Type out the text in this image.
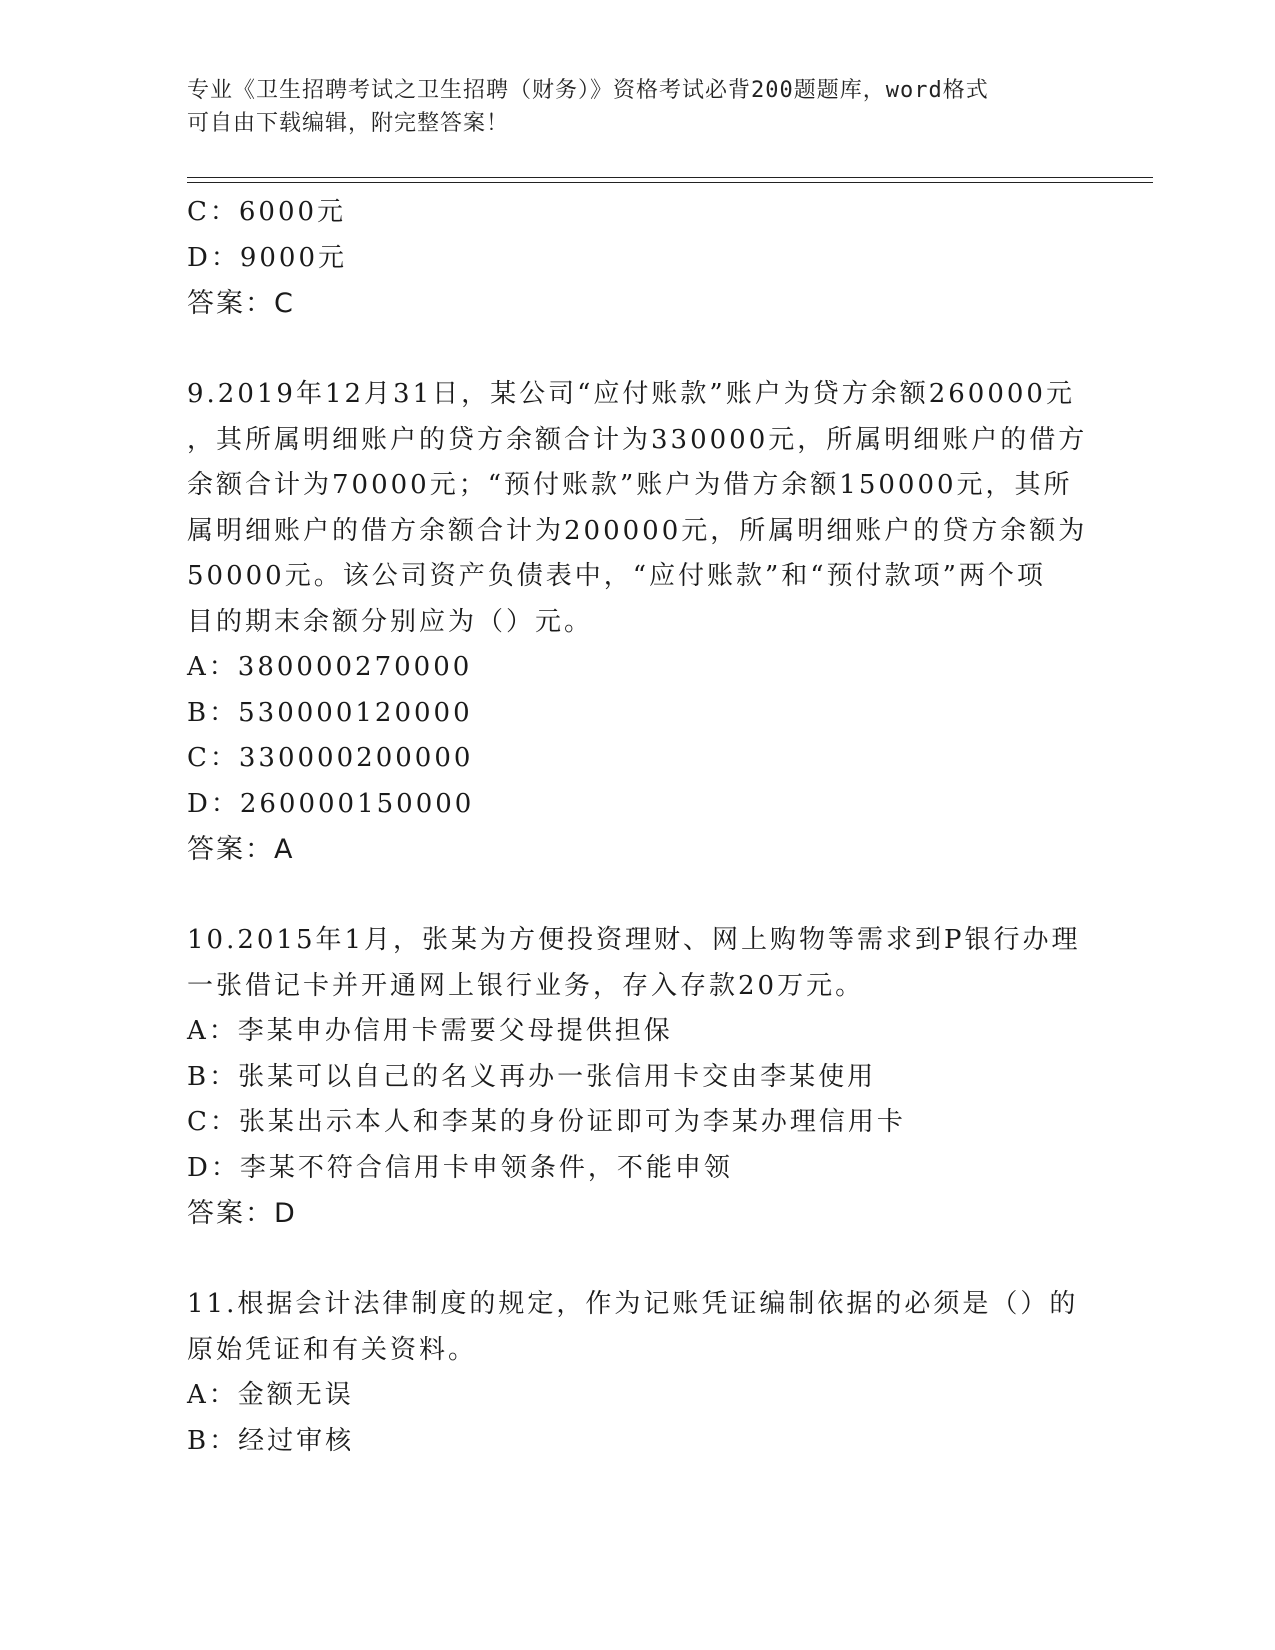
专业《卫生招聘考试之卫生招聘（财务）》资格考试必背200题题库，word格式
可自由下载编辑，附完整答案！
C：6000元
D：9000元
答案：C
9.2019年12月31日，某公司“应付账款”账户为贷方余额260000元
，其所属明细账户的贷方余额合计为330000元，所属明细账户的借方
余额合计为70000元；“预付账款”账户为借方余额150000元，其所
属明细账户的借方余额合计为200000元，所属明细账户的贷方余额为
50000元。该公司资产负债表中，“应付账款”和“预付款项”两个项
目的期末余额分别应为（）元。
A：380000270000
B：530000120000
C：330000200000
D：260000150000
答案：A
10.2015年1月，张某为方便投资理财、网上购物等需求到P银行办理
一张借记卡并开通网上银行业务，存入存款20万元。
A：李某申办信用卡需要父母提供担保
B：张某可以自己的名义再办一张信用卡交由李某使用
C：张某出示本人和李某的身份证即可为李某办理信用卡
D：李某不符合信用卡申领条件，不能申领
答案：D
11.根据会计法律制度的规定，作为记账凭证编制依据的必须是（）的
原始凭证和有关资料。
A：金额无误
B：经过审核
